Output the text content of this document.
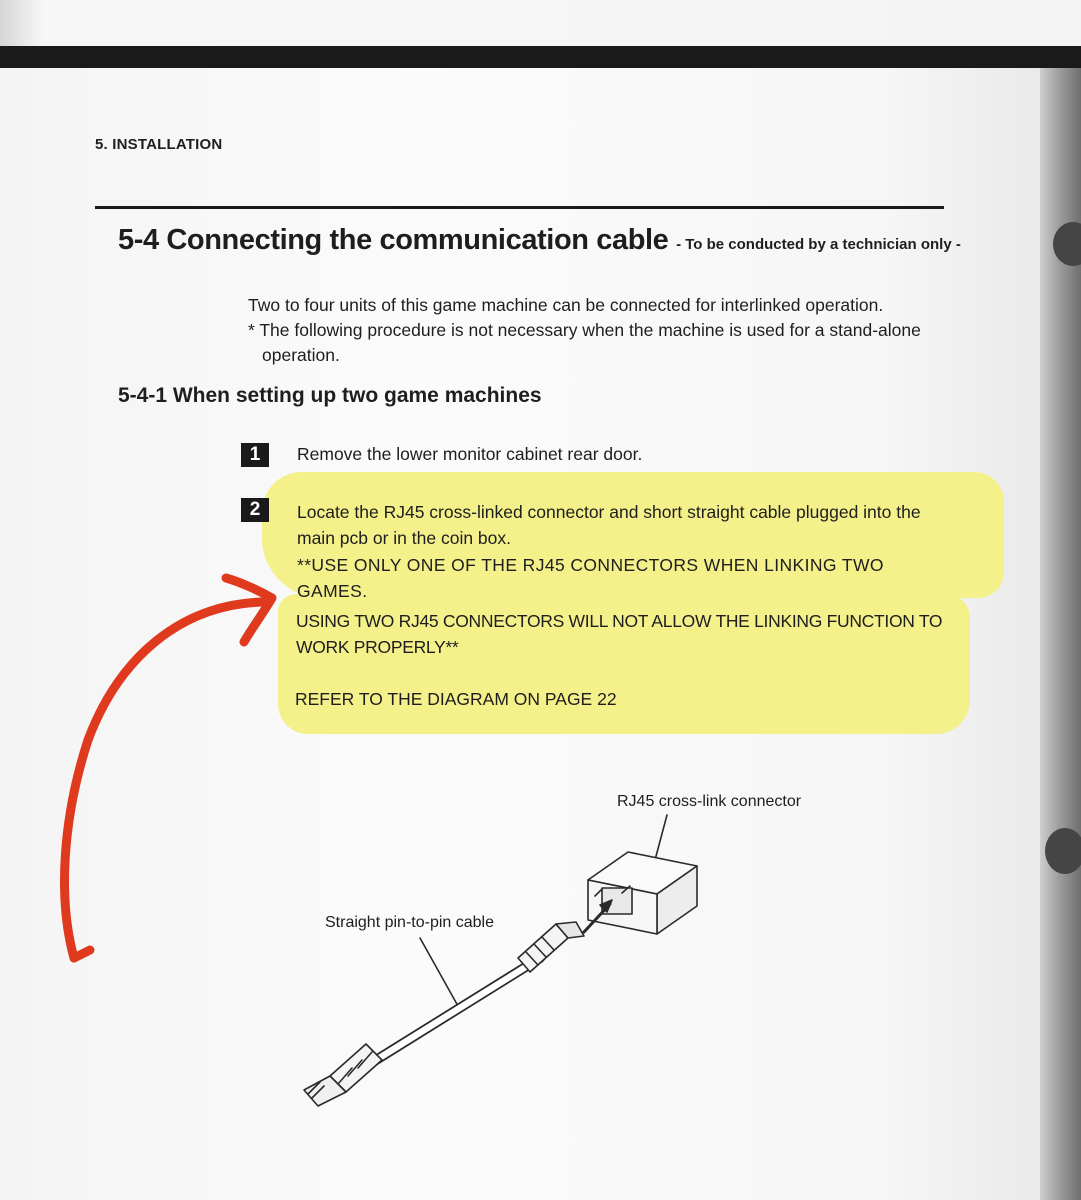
5. INSTALLATION
5-4 Connecting the communication cable - To be conducted by a technician only -
Two to four units of this game machine can be connected for interlinked operation.
* The following procedure is not necessary when the machine is used for a stand-alone operation.
5-4-1 When setting up two game machines
1	Remove the lower monitor cabinet rear door.
2	Locate the RJ45 cross-linked connector and short straight cable plugged into the main pcb or in the coin box.
**USE ONLY ONE OF THE RJ45 CONNECTORS WHEN LINKING TWO GAMES.
USING TWO RJ45 CONNECTORS WILL NOT ALLOW THE LINKING FUNCTION TO WORK PROPERLY**
REFER TO THE DIAGRAM ON PAGE 22
RJ45 cross-link connector
Straight pin-to-pin cable
